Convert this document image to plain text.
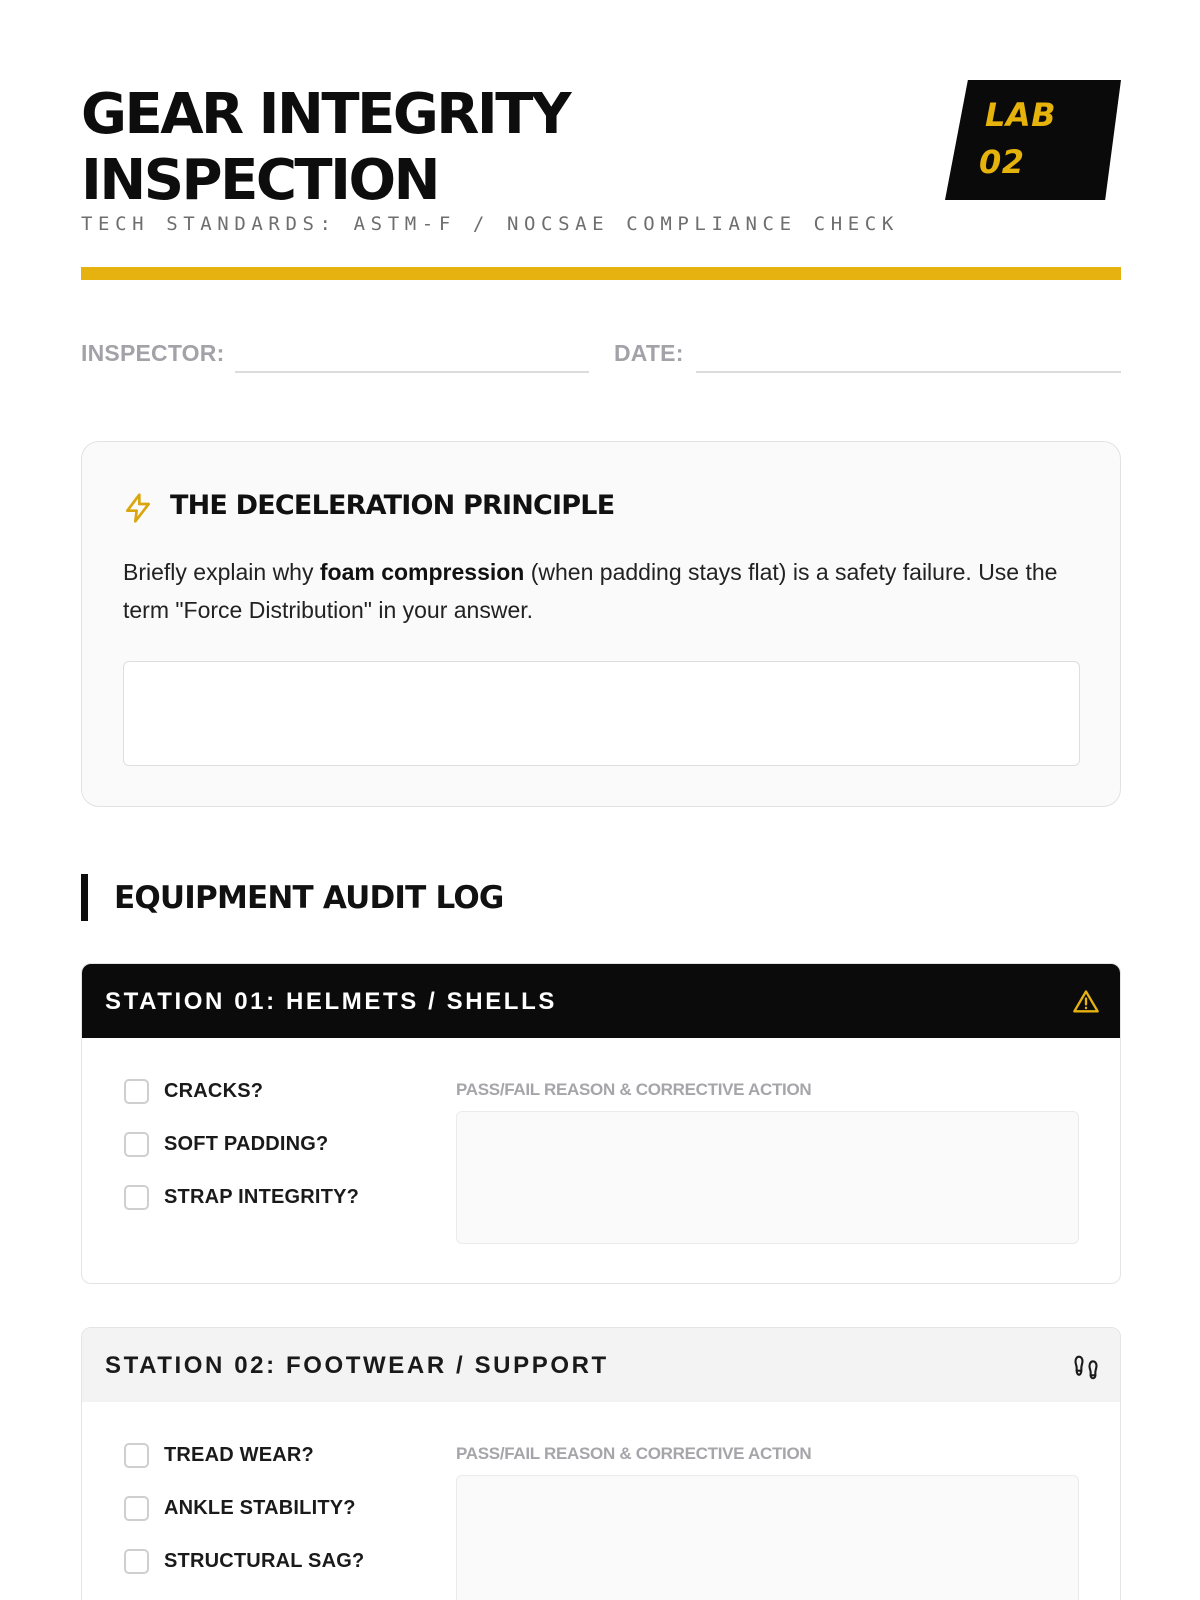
GEAR INTEGRITY INSPECTION
TECH STANDARDS: ASTM-F / NOCSAE COMPLIANCE CHECK
LAB
02
INSPECTOR:	DATE:
THE DECELERATION PRINCIPLE

Briefly explain why foam compression (when padding stays flat) is a safety failure. Use the term "Force Distribution" in your answer.

EQUIPMENT AUDIT LOG
STATION 01: HELMETS / SHELLS
CRACKS?
SOFT PADDING?
STRAP INTEGRITY?
PASS/FAIL REASON & CORRECTIVE ACTION
STATION 02: FOOTWEAR / SUPPORT
TREAD WEAR?
ANKLE STABILITY?
STRUCTURAL SAG?
PASS/FAIL REASON & CORRECTIVE ACTION
